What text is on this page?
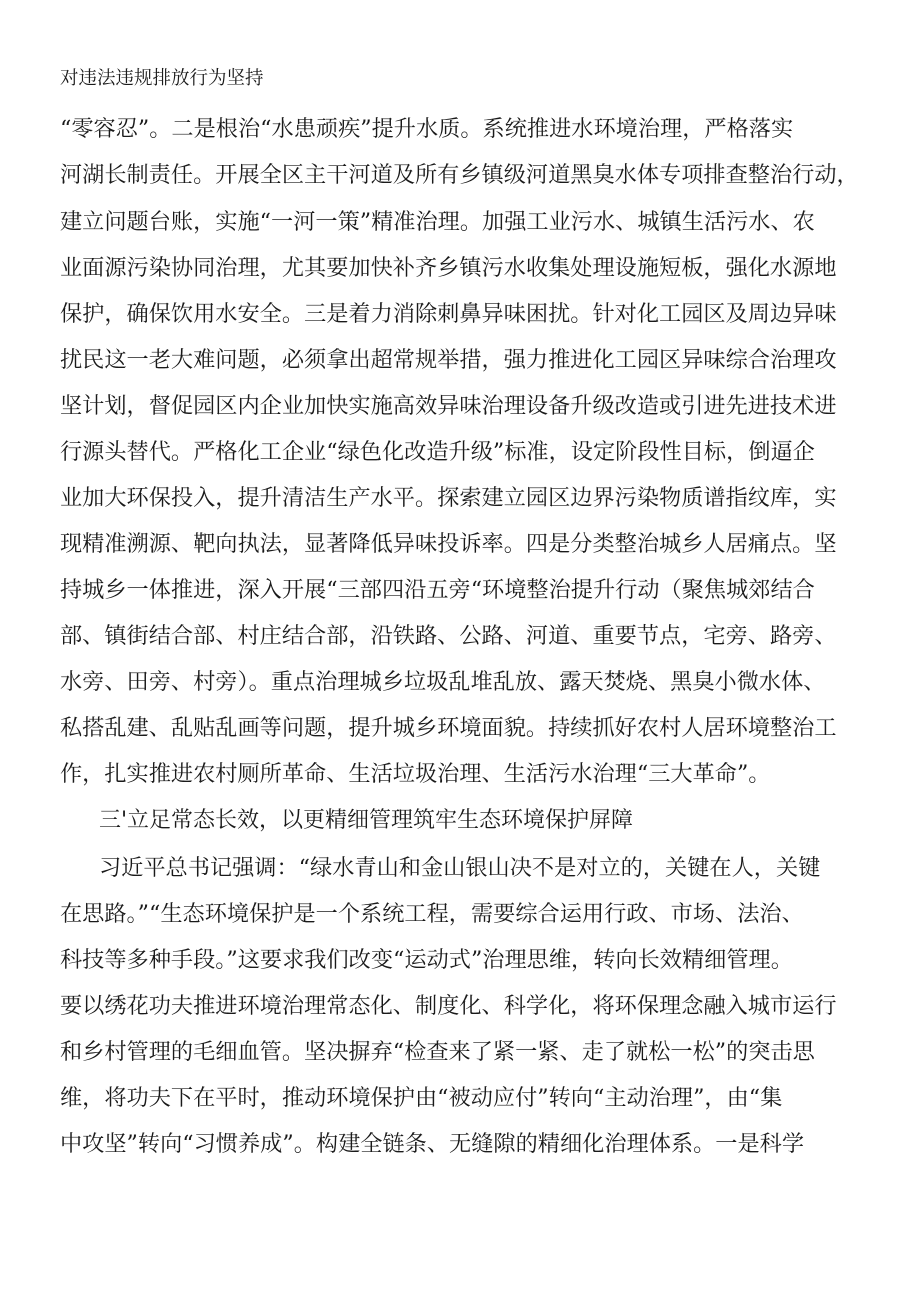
对违法违规排放行为坚持
“零容忍”。二是根治“水患顽疾”提升水质。系统推进水环境治理，严格落实
河湖长制责任。开展全区主干河道及所有乡镇级河道黑臭水体专项排查整治行动，
建立问题台账，实施“一河一策”精准治理。加强工业污水、城镇生活污水、农
业面源污染协同治理，尤其要加快补齐乡镇污水收集处理设施短板，强化水源地
保护，确保饮用水安全。三是着力消除刺鼻异味困扰。针对化工园区及周边异味
扰民这一老大难问题，必须拿出超常规举措，强力推进化工园区异味综合治理攻
坚计划，督促园区内企业加快实施高效异味治理设备升级改造或引进先进技术进
行源头替代。严格化工企业“绿色化改造升级”标准，设定阶段性目标，倒逼企
业加大环保投入，提升清洁生产水平。探索建立园区边界污染物质谱指纹库，实
现精准溯源、靶向执法，显著降低异味投诉率。四是分类整治城乡人居痛点。坚
持城乡一体推进，深入开展“三部四沿五旁“环境整治提升行动（聚焦城郊结合
部、镇街结合部、村庄结合部，沿铁路、公路、河道、重要节点，宅旁、路旁、
水旁、田旁、村旁）。重点治理城乡垃圾乱堆乱放、露天焚烧、黑臭小微水体、
私搭乱建、乱贴乱画等问题，提升城乡环境面貌。持续抓好农村人居环境整治工
作，扎实推进农村厕所革命、生活垃圾治理、生活污水治理“三大革命”。
三'立足常态长效，以更精细管理筑牢生态环境保护屏障
习近平总书记强调：“绿水青山和金山银山决不是对立的，关键在人，关键
在思路。”“生态环境保护是一个系统工程，需要综合运用行政、市场、法治、
科技等多种手段。”这要求我们改变“运动式”治理思维，转向长效精细管理。
要以绣花功夫推进环境治理常态化、制度化、科学化，将环保理念融入城市运行
和乡村管理的毛细血管。坚决摒弃“检查来了紧一紧、走了就松一松”的突击思
维，将功夫下在平时，推动环境保护由“被动应付”转向“主动治理”，由“集
中攻坚”转向“习惯养成”。构建全链条、无缝隙的精细化治理体系。一是科学
